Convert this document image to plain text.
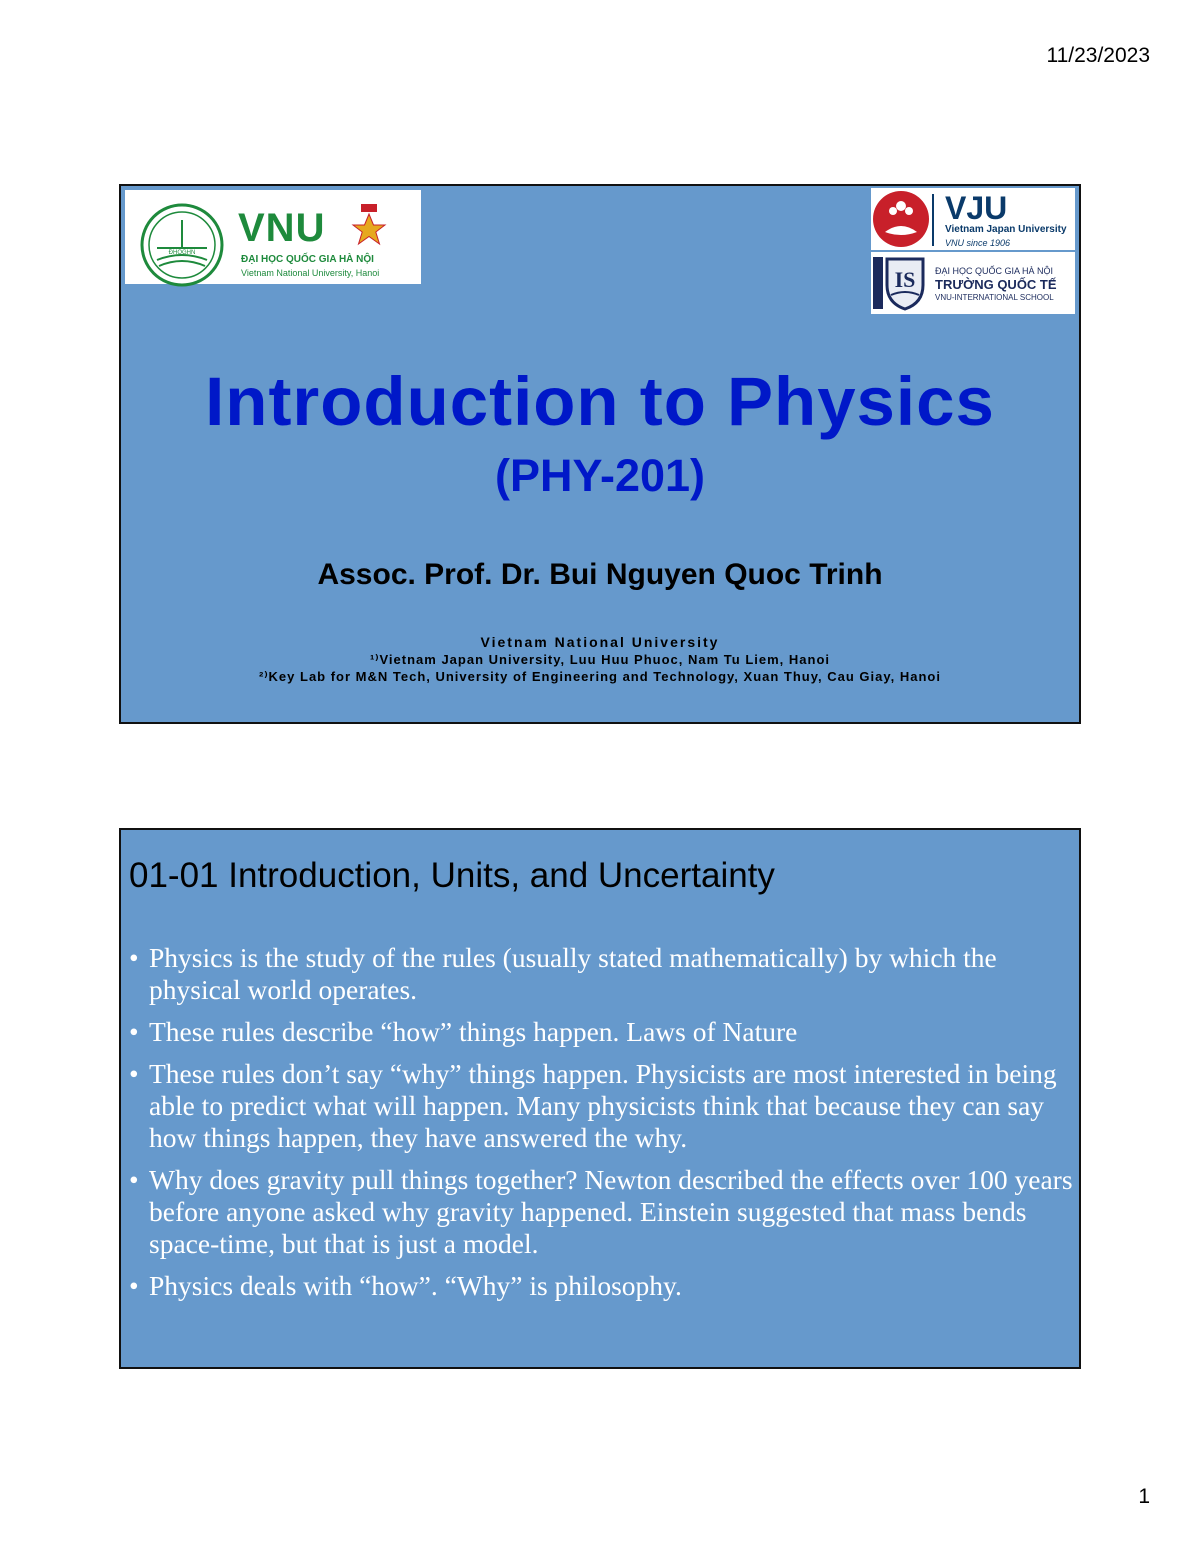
11/23/2023
ĐHQGHN
VNU
ĐẠI HỌC QUỐC GIA HÀ NỘI
Vietnam National University, Hanoi
VJU
Vietnam Japan University
VNU since 1906
IS ĐẠI HỌC QUỐC GIA HÀ NỘI
TRƯỜNG QUỐC TẾ
VNU-INTERNATIONAL SCHOOL
Introduction to Physics
(PHY-201)
Assoc. Prof. Dr. Bui Nguyen Quoc Trinh
Vietnam National University
¹⁾Vietnam Japan University, Luu Huu Phuoc, Nam Tu Liem, Hanoi
²⁾Key Lab for M&N Tech, University of Engineering and Technology, Xuan Thuy, Cau Giay, Hanoi
01-01 Introduction, Units, and Uncertainty
• Physics is the study of the rules (usually stated mathematically) by which the physical world operates.
• These rules describe “how” things happen. Laws of Nature
• These rules don’t say “why” things happen. Physicists are most interested in being able to predict what will happen. Many physicists think that because they can say how things happen, they have answered the why.
• Why does gravity pull things together? Newton described the effects over 100 years before anyone asked why gravity happened. Einstein suggested that mass bends space-time, but that is just a model.
• Physics deals with “how”. “Why” is philosophy.
1
